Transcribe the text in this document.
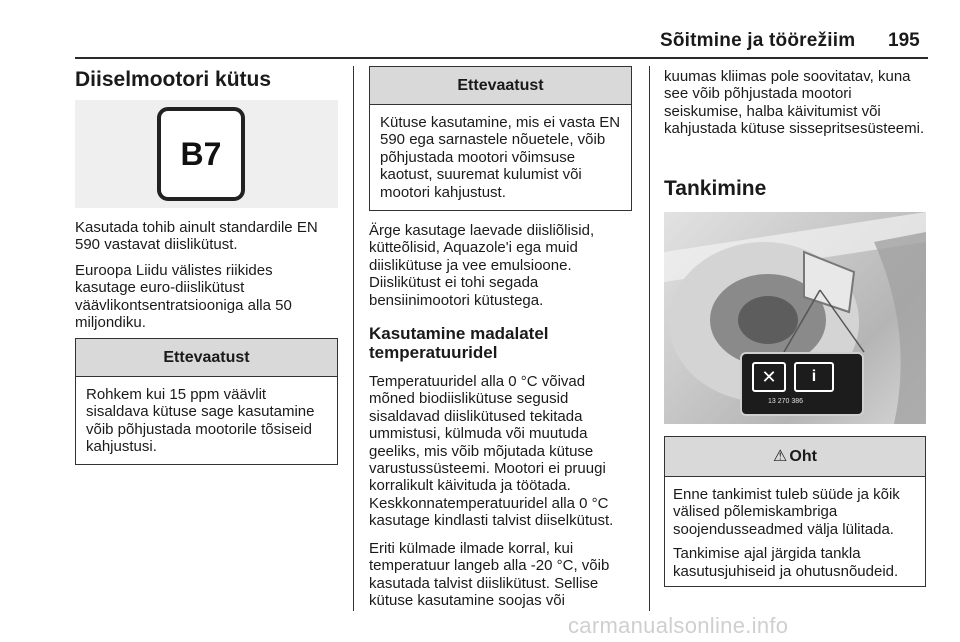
Sõitmine ja töörežiim 195
Diiselmootori kütus
B7

Kasutada tohib ainult standardile EN 590 vastavat diislikütust.

Euroopa Liidu välistes riikides kasutage euro-diislikütust väävlikontsentratsiooniga alla 50 miljondiku.

Ettevaatust

Rohkem kui 15 ppm väävlit sisaldava kütuse sage kasutamine võib põhjustada mootorile tõsiseid kahjustusi.

Ettevaatust

Kütuse kasutamine, mis ei vasta EN 590 ega sarnastele nõuetele, võib põhjustada mootori võimsuse kaotust, suuremat kulumist või mootori kahjustust.

Ärge kasutage laevade diisliõlisid, kütteõlisid, Aquazole'i ega muid diislikütuse ja vee emulsioone. Diislikütust ei tohi segada bensiinimootori kütustega.

Kasutamine madalatel temperatuuridel

Temperatuuridel alla 0 °C võivad mõned biodiislikütuse segusid sisaldavad diislikütused tekitada ummistusi, külmuda või muutuda geeliks, mis võib mõjutada kütuse varustussüsteemi. Mootori ei pruugi korralikult käivituda ja töötada. Keskkonnatemperatuuridel alla 0 °C kasutage kindlasti talvist diiselkütust.

Eriti külmade ilmade korral, kui temperatuur langeb alla -20 °C, võib kasutada talvist diislikütust. Sellise kütuse kasutamine soojas või

kuumas kliimas pole soovitatav, kuna see võib põhjustada mootori seiskumise, halba käivitumist või kahjustada kütuse sissepritsesüsteemi.

Tankimine
✕	i
13 270 386
⚠ Oht

Enne tankimist tuleb süüde ja kõik välised põlemiskambriga soojendusseadmed välja lülitada.

Tankimise ajal järgida tankla kasutusjuhiseid ja ohutusnõudeid.

carmanualsonline.info
